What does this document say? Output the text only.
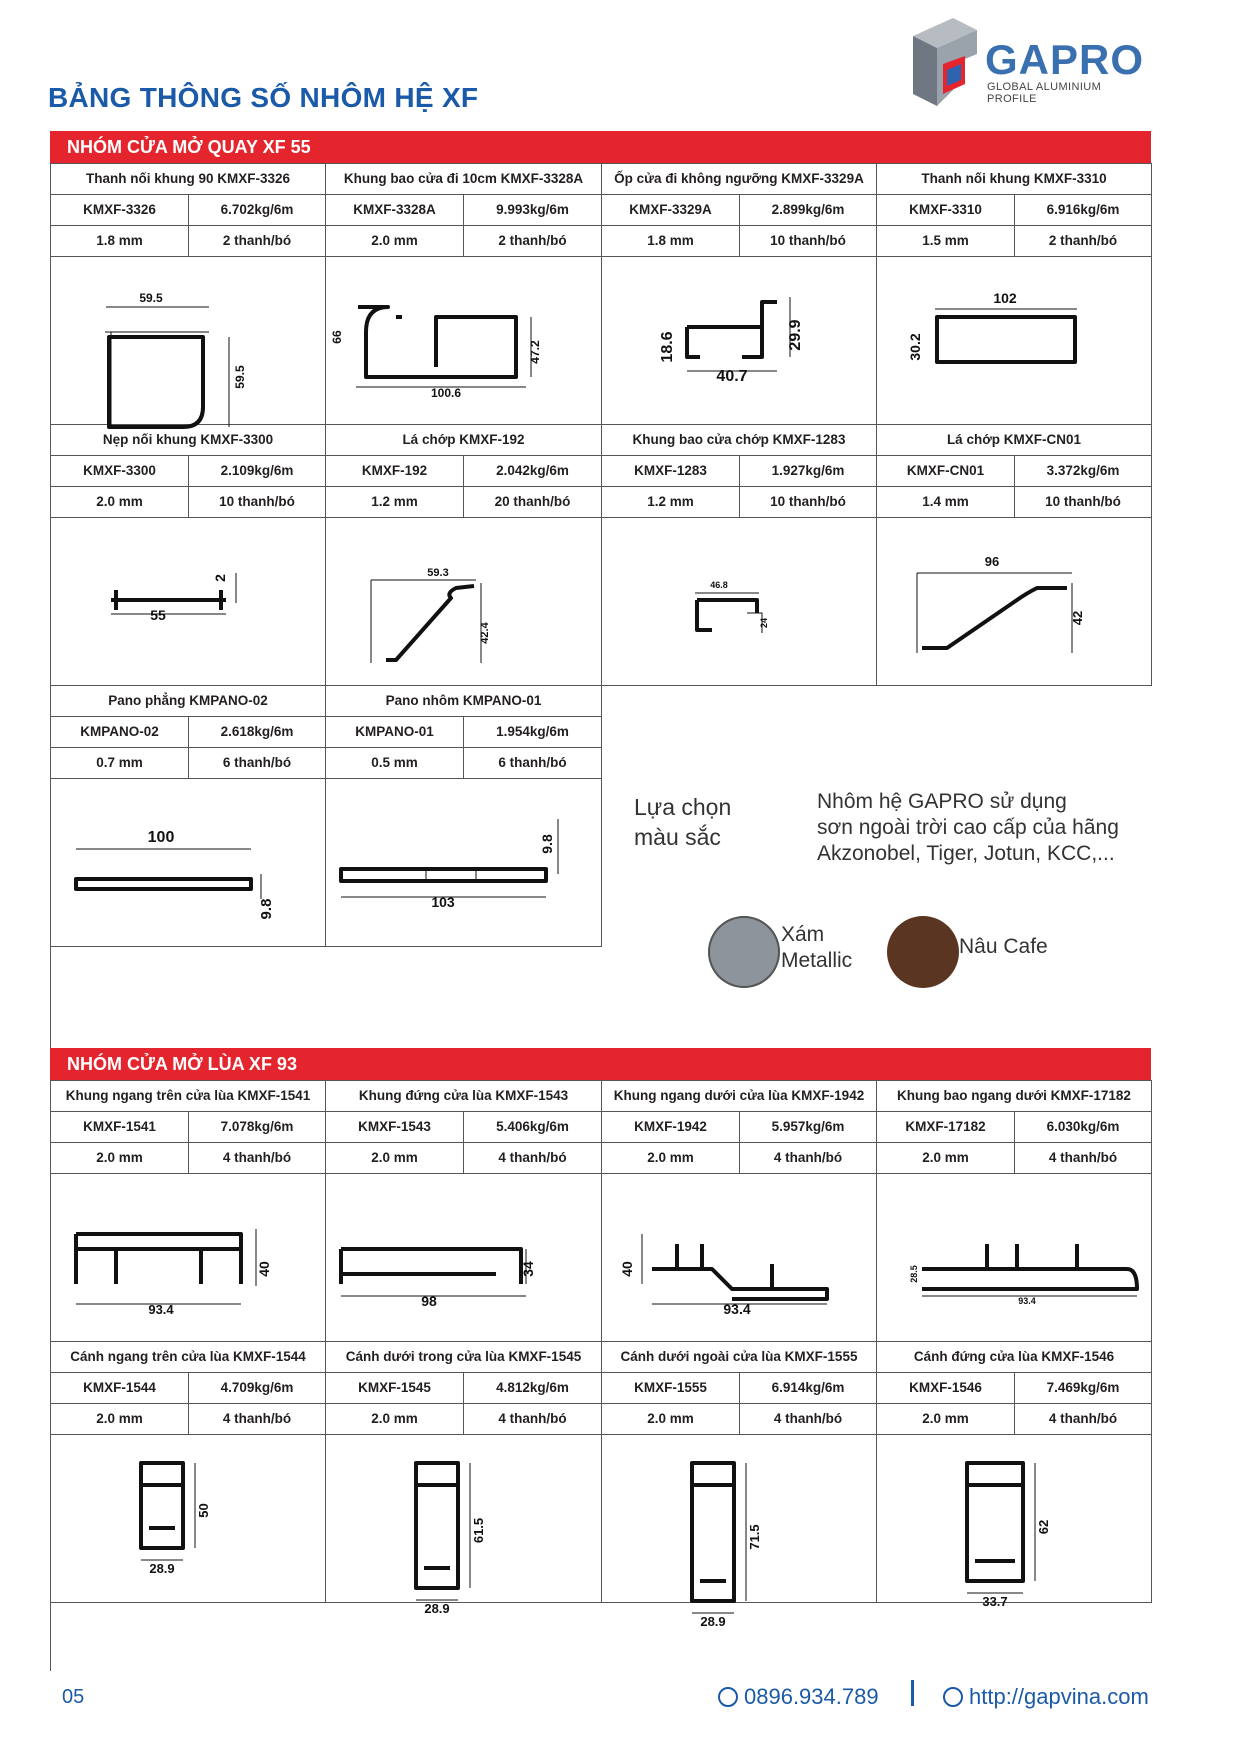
GAPRO
GLOBAL ALUMINIUM PROFILE
BẢNG THÔNG SỐ NHÔM HỆ XF
NHÓM CỬA MỞ QUAY XF 55
Thanh nối khung 90 KMXF-3326
KMXF-3326	6.702kg/6m
1.8 mm	2 thanh/bó
59.5
59.5
Khung bao cửa đi 10cm KMXF-3328A
KMXF-3328A	9.993kg/6m
2.0 mm	2 thanh/bó
66
47.2
100.6
Ốp cửa đi không ngưỡng KMXF-3329A
KMXF-3329A	2.899kg/6m
1.8 mm	10 thanh/bó
18.6	29.9
40.7
Thanh nối khung KMXF-3310
KMXF-3310	6.916kg/6m
1.5 mm	2 thanh/bó
102
30.2
Nẹp nối khung KMXF-3300
KMXF-3300	2.109kg/6m
2.0 mm	10 thanh/bó
2
55
Lá chớp KMXF-192
KMXF-192	2.042kg/6m
1.2 mm	20 thanh/bó
59.3
42.4
Khung bao cửa chớp KMXF-1283
KMXF-1283	1.927kg/6m
1.2 mm	10 thanh/bó
46.8
24
Lá chớp KMXF-CN01
KMXF-CN01	3.372kg/6m
1.4 mm	10 thanh/bó
96
42
Pano phẳng KMPANO-02
KMPANO-02	2.618kg/6m
0.7 mm	6 thanh/bó
100
9.8
Pano nhôm KMPANO-01
KMPANO-01	1.954kg/6m
0.5 mm	6 thanh/bó
9.8
103
Lựa chọn
màu sắc
Nhôm hệ GAPRO sử dụng
sơn ngoài trời cao cấp của hãng
Akzonobel, Tiger, Jotun, KCC,...
Xám
Metallic
Nâu Cafe
NHÓM CỬA MỞ LÙA XF 93
Khung ngang trên cửa lùa KMXF-1541
KMXF-1541	7.078kg/6m
2.0 mm	4 thanh/bó
40
93.4
Khung đứng cửa lùa KMXF-1543
KMXF-1543	5.406kg/6m
2.0 mm	4 thanh/bó
34
98
Khung ngang dưới cửa lùa KMXF-1942
KMXF-1942	5.957kg/6m
2.0 mm	4 thanh/bó
40
93.4
Khung bao ngang dưới KMXF-17182
KMXF-17182	6.030kg/6m
2.0 mm	4 thanh/bó
28.5
93.4
Cánh ngang trên cửa lùa KMXF-1544
KMXF-1544	4.709kg/6m
2.0 mm	4 thanh/bó
50
28.9
Cánh dưới trong cửa lùa KMXF-1545
KMXF-1545	4.812kg/6m
2.0 mm	4 thanh/bó
61.5
28.9
Cánh dưới ngoài cửa lùa KMXF-1555
KMXF-1555	6.914kg/6m
2.0 mm	4 thanh/bó
71.5
28.9
Cánh đứng cửa lùa KMXF-1546
KMXF-1546	7.469kg/6m
2.0 mm	4 thanh/bó
62
33.7
05	0896.934.789	http://gapvina.com
